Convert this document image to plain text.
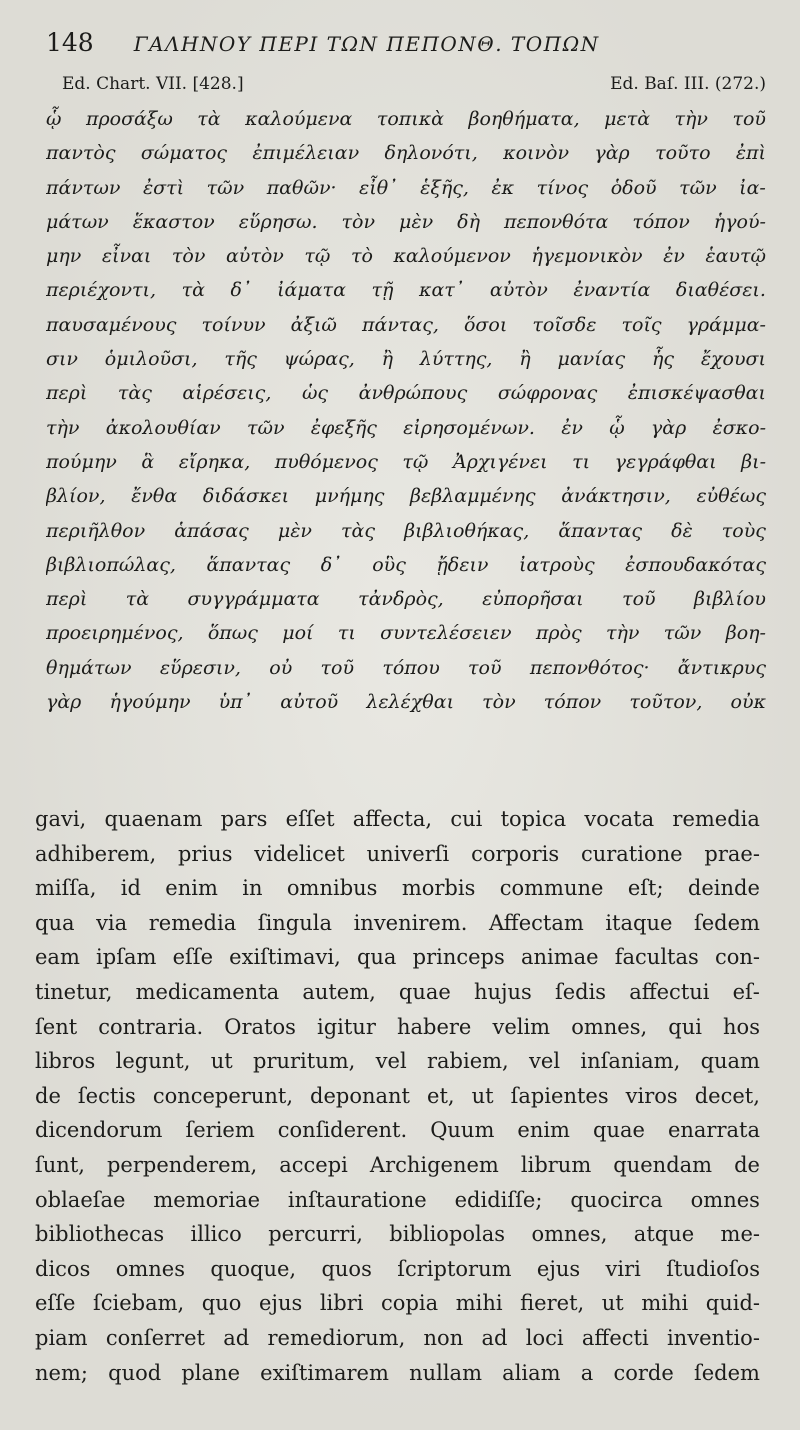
148 ΓΑΛΗΝΟΥ ΠΕΡΙ ΤΩΝ ΠΕΠΟΝΘ. ΤΟΠΩΝ
Ed. Chart. VII. [428.]	Ed. Baſ. III. (272.)
ᾧ προσάξω τὰ καλούμενα τοπικὰ βοηθήματα, μετὰ τὴν τοῦ
παντὸς σώματος ἐπιμέλειαν δηλονότι, κοινὸν γὰρ τοῦτο ἐπὶ
πάντων ἐστὶ τῶν παθῶν· εἶθ᾽ ἑξῆς, ἐκ τίνος ὁδοῦ τῶν ἰα-
μάτων ἕκαστον εὕρησω. τὸν μὲν δὴ πεπονθότα τόπον ἡγού-
μην εἶναι τὸν αὐτὸν τῷ τὸ καλούμενον ἡγεμονικὸν ἐν ἑαυτῷ
περιέχοντι, τὰ δ᾽ ἰάματα τῇ κατ᾽ αὐτὸν ἐναντία διαθέσει.
παυσαμένους τοίνυν ἀξιῶ πάντας, ὅσοι τοῖσδε τοῖς γράμμα-
σιν ὁμιλοῦσι, τῆς ψώρας, ἢ λύττης, ἢ μανίας ἧς ἔχουσι
περὶ τὰς αἱρέσεις, ὡς ἀνθρώπους σώφρονας ἐπισκέψασθαι
τὴν ἀκολουθίαν τῶν ἐφεξῆς εἰρησομένων. ἐν ᾧ γὰρ ἐσκο-
πούμην ἃ εἴρηκα, πυθόμενος τῷ Ἀρχιγένει τι γεγράφθαι βι-
βλίον, ἔνθα διδάσκει μνήμης βεβλαμμένης ἀνάκτησιν, εὐθέως
περιῆλθον ἁπάσας μὲν τὰς βιβλιοθήκας, ἅπαντας δὲ τοὺς
βιβλιοπώλας, ἅπαντας δ᾽ οὓς ᾔδειν ἰατροὺς ἐσπουδακότας
περὶ τὰ συγγράμματα τἀνδρὸς, εὐπορῆσαι τοῦ βιβλίου
προειρημένος, ὅπως μοί τι συντελέσειεν πρὸς τὴν τῶν βοη-
θημάτων εὕρεσιν, οὐ τοῦ τόπου τοῦ πεπονθότος· ἄντικρυς
γὰρ ἡγούμην ὑπ᾽ αὐτοῦ λελέχθαι τὸν τόπον τοῦτον, οὐκ
gavi, quaenam pars eſſet affecta, cui topica vocata remedia
adhiberem, prius videlicet univerſi corporis curatione prae-
miſſa, id enim in omnibus morbis commune eſt; deinde
qua via remedia ſingula invenirem. Affectam itaque ſedem
eam ipſam eſſe exiſtimavi, qua princeps animae facultas con-
tinetur, medicamenta autem, quae hujus ſedis affectui eſ-
ſent contraria. Oratos igitur habere velim omnes, qui hos
libros legunt, ut pruritum, vel rabiem, vel inſaniam, quam
de ſectis conceperunt, deponant et, ut ſapientes viros decet,
dicendorum ſeriem conſiderent. Quum enim quae enarrata
ſunt, perpenderem, accepi Archigenem librum quendam de
oblaeſae memoriae inſtauratione edidiſſe; quocirca omnes
bibliothecas illico percurri, bibliopolas omnes, atque me-
dicos omnes quoque, quos ſcriptorum ejus viri ſtudioſos
eſſe ſciebam, quo ejus libri copia mihi fieret, ut mihi quid-
piam conſerret ad remediorum, non ad loci affecti inventio-
nem; quod plane exiſtimarem nullam aliam a corde ſedem
